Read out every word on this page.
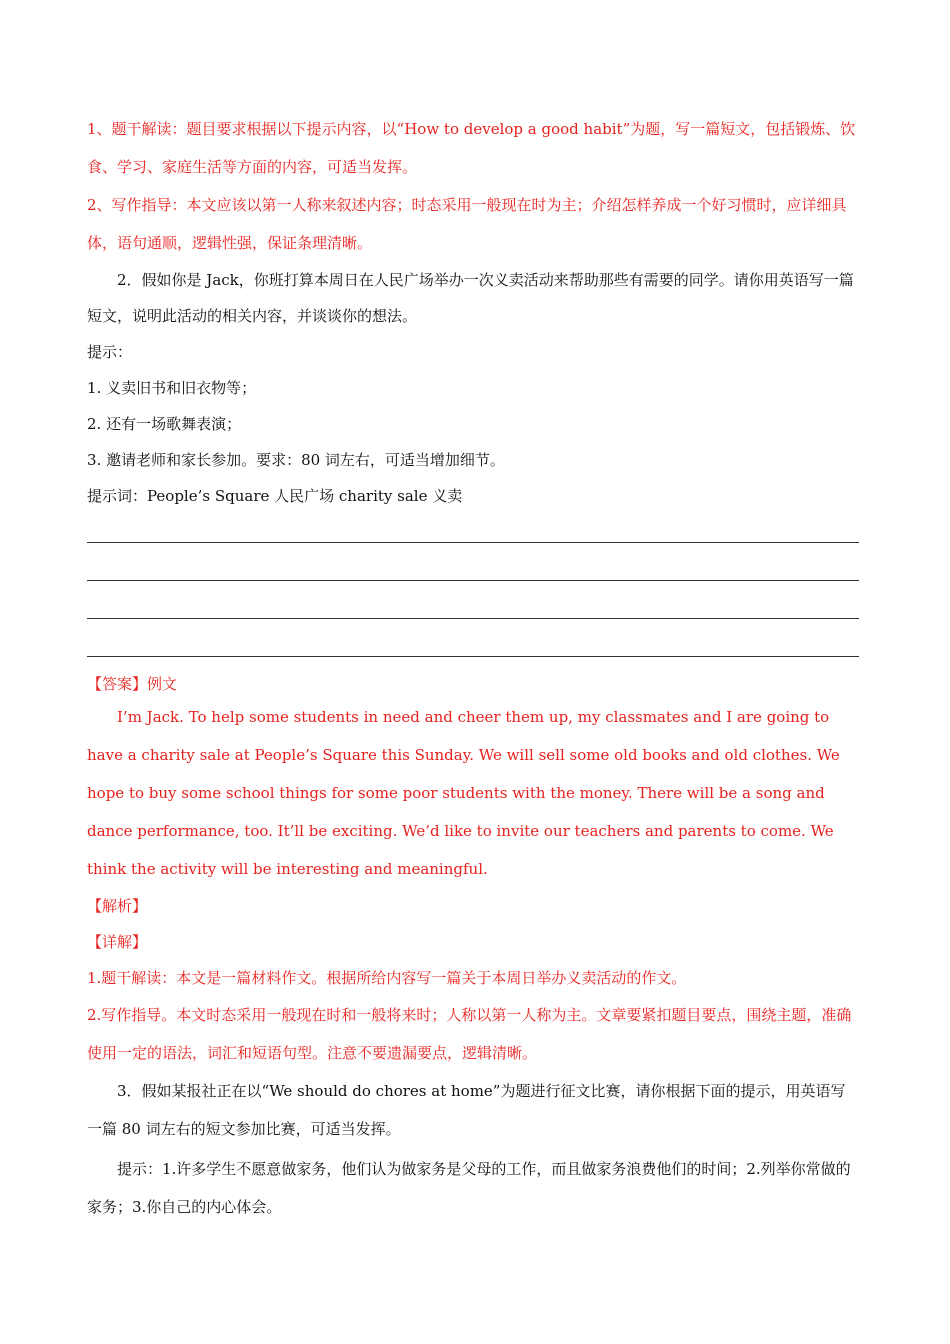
1、题干解读：题目要求根据以下提示内容，以“How to develop a good habit”为题，写一篇短文，包括锻炼、饮食、学习、家庭生活等方面的内容，可适当发挥。

2、写作指导：本文应该以第一人称来叙述内容；时态采用一般现在时为主；介绍怎样养成一个好习惯时，应详细具体，语句通顺，逻辑性强，保证条理清晰。

2．假如你是 Jack，你班打算本周日在人民广场举办一次义卖活动来帮助那些有需要的同学。请你用英语写一篇短文，说明此活动的相关内容，并谈谈你的想法。

提示：

1. 义卖旧书和旧衣物等；

2. 还有一场歌舞表演；

3. 邀请老师和家长参加。要求：80 词左右，可适当增加细节。

提示词：People’s Square 人民广场 charity sale 义卖

【答案】例文

I’m Jack. To help some students in need and cheer them up, my classmates and I are going to have a charity sale at People’s Square this Sunday. We will sell some old books and old clothes. We hope to buy some school things for some poor students with the money. There will be a song and dance performance, too. It’ll be exciting. We’d like to invite our teachers and parents to come. We think the activity will be interesting and meaningful.

【解析】

【详解】

1.题干解读：本文是一篇材料作文。根据所给内容写一篇关于本周日举办义卖活动的作文。

2.写作指导。本文时态采用一般现在时和一般将来时；人称以第一人称为主。文章要紧扣题目要点，围绕主题，准确使用一定的语法，词汇和短语句型。注意不要遗漏要点，逻辑清晰。

3．假如某报社正在以“We should do chores at home”为题进行征文比赛，请你根据下面的提示，用英语写一篇 80 词左右的短文参加比赛，可适当发挥。

提示：1.许多学生不愿意做家务，他们认为做家务是父母的工作，而且做家务浪费他们的时间；2.列举你常做的家务；3.你自己的内心体会。
